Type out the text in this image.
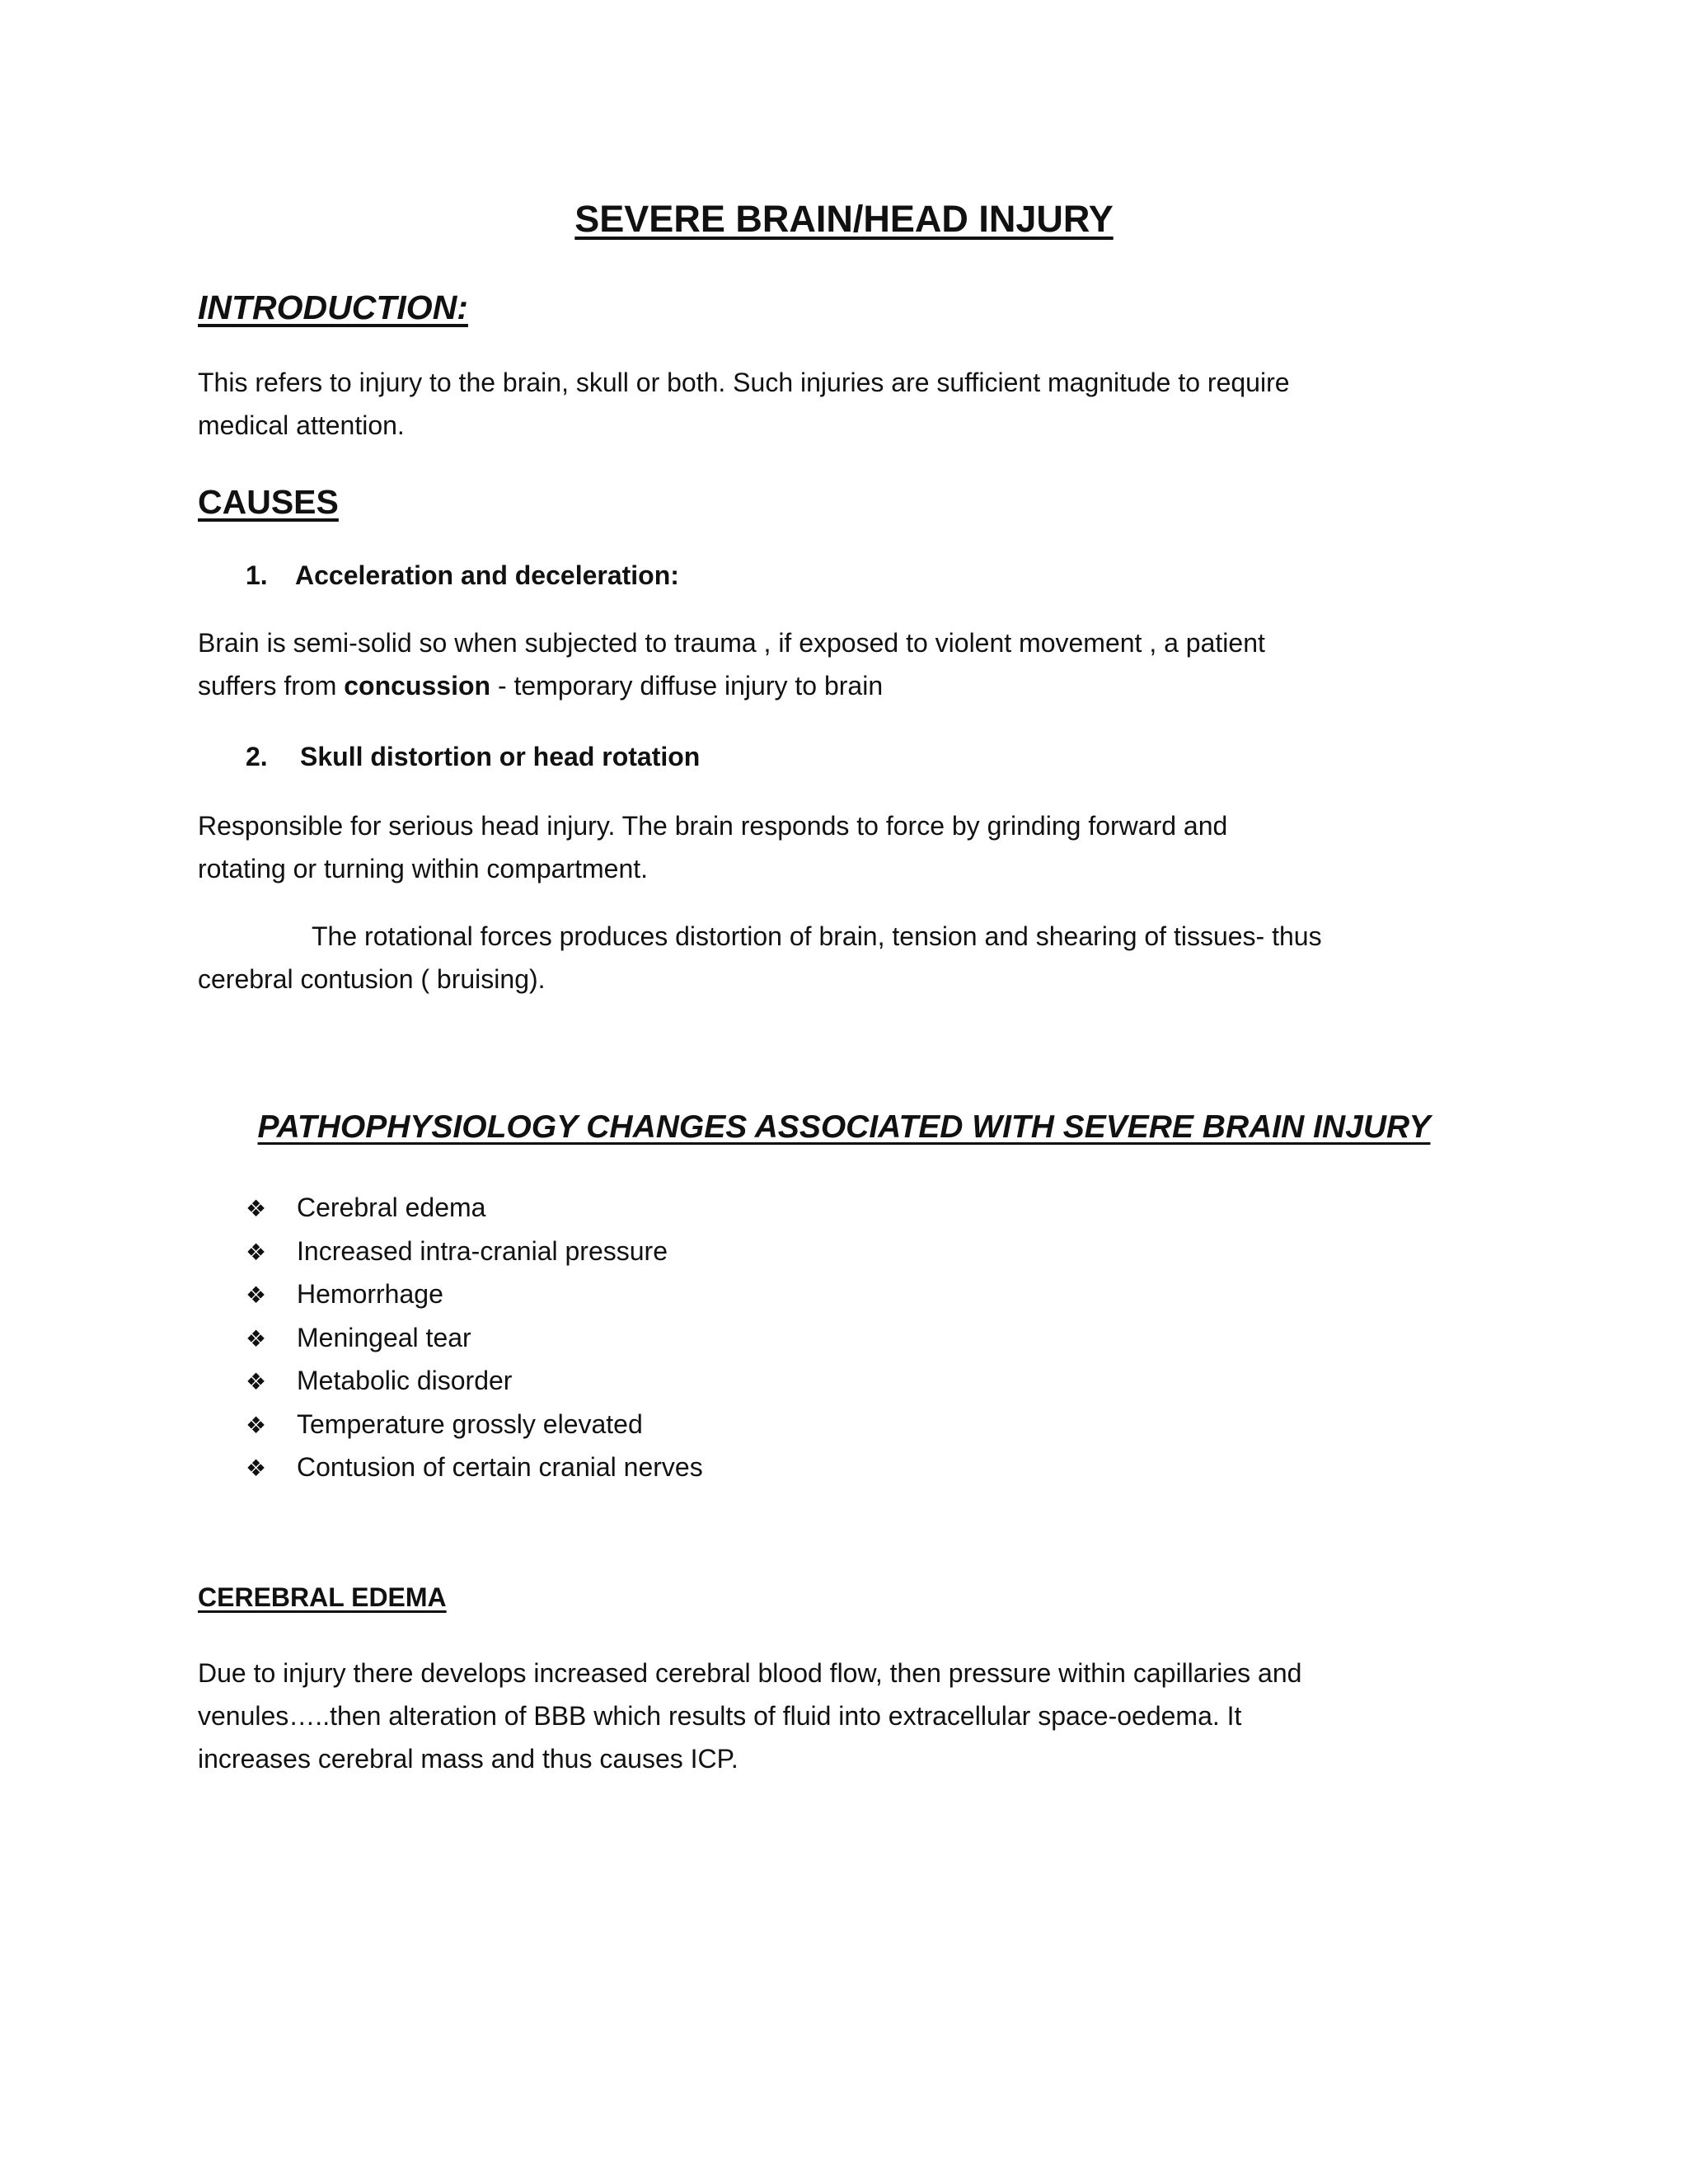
SEVERE BRAIN/HEAD INJURY
INTRODUCTION:
This refers to injury to the brain, skull or both. Such injuries are sufficient magnitude to require
medical attention.
CAUSES
1. Acceleration and deceleration:
Brain is semi-solid so when subjected to trauma , if exposed to violent movement , a patient
suffers from concussion - temporary diffuse injury to brain
2. Skull distortion or head rotation
Responsible for serious head injury. The brain responds to force by grinding forward and
rotating or turning within compartment.
The rotational forces produces distortion of brain, tension and shearing of tissues- thus
cerebral contusion ( bruising).
PATHOPHYSIOLOGY CHANGES ASSOCIATED WITH SEVERE BRAIN INJURY
❖ Cerebral edema
❖ Increased intra-cranial pressure
❖ Hemorrhage
❖ Meningeal tear
❖ Metabolic disorder
❖ Temperature grossly elevated
❖ Contusion of certain cranial nerves
CEREBRAL EDEMA
Due to injury there develops increased cerebral blood flow, then pressure within capillaries and
venules…..then alteration of BBB which results of fluid into extracellular space-oedema. It
increases cerebral mass and thus causes ICP.
